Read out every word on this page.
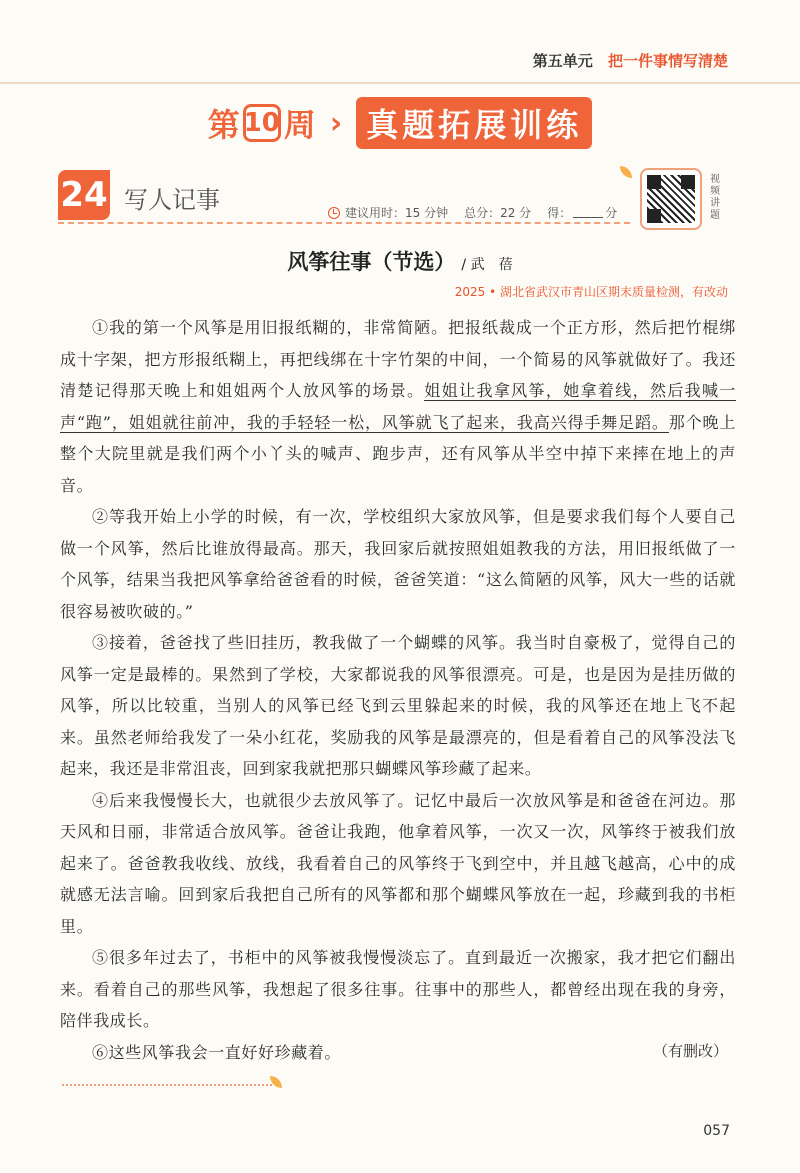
第五单元 把一件事情写清楚
第 10 周 › 真题拓展训练
24 写人记事	建议用时：15 分钟 总分：22 分 得：	分
视频讲题
风筝往事（节选） / 武　蓓
2025 • 湖北省武汉市青山区期末质量检测，有改动

①我的第一个风筝是用旧报纸糊的，非常简陋。把报纸裁成一个正方形，然后把竹棍绑成十字架，把方形报纸糊上，再把线绑在十字竹架的中间，一个简易的风筝就做好了。我还清楚记得那天晚上和姐姐两个人放风筝的场景。姐姐让我拿风筝，她拿着线，然后我喊一声“跑”，姐姐就往前冲，我的手轻轻一松，风筝就飞了起来，我高兴得手舞足蹈。那个晚上整个大院里就是我们两个小丫头的喊声、跑步声，还有风筝从半空中掉下来摔在地上的声音。

②等我开始上小学的时候，有一次，学校组织大家放风筝，但是要求我们每个人要自己做一个风筝，然后比谁放得最高。那天，我回家后就按照姐姐教我的方法，用旧报纸做了一个风筝，结果当我把风筝拿给爸爸看的时候，爸爸笑道：“这么简陋的风筝，风大一些的话就很容易被吹破的。”

③接着，爸爸找了些旧挂历，教我做了一个蝴蝶的风筝。我当时自豪极了，觉得自己的风筝一定是最棒的。果然到了学校，大家都说我的风筝很漂亮。可是，也是因为是挂历做的风筝，所以比较重，当别人的风筝已经飞到云里躲起来的时候，我的风筝还在地上飞不起来。虽然老师给我发了一朵小红花，奖励我的风筝是最漂亮的，但是看着自己的风筝没法飞起来，我还是非常沮丧，回到家我就把那只蝴蝶风筝珍藏了起来。

④后来我慢慢长大，也就很少去放风筝了。记忆中最后一次放风筝是和爸爸在河边。那天风和日丽，非常适合放风筝。爸爸让我跑，他拿着风筝，一次又一次，风筝终于被我们放起来了。爸爸教我收线、放线，我看着自己的风筝终于飞到空中，并且越飞越高，心中的成就感无法言喻。回到家后我把自己所有的风筝都和那个蝴蝶风筝放在一起，珍藏到我的书柜里。

⑤很多年过去了，书柜中的风筝被我慢慢淡忘了。直到最近一次搬家，我才把它们翻出来。看着自己的那些风筝，我想起了很多往事。往事中的那些人，都曾经出现在我的身旁，陪伴我成长。

⑥这些风筝我会一直好好珍藏着。	（有删改）
057
